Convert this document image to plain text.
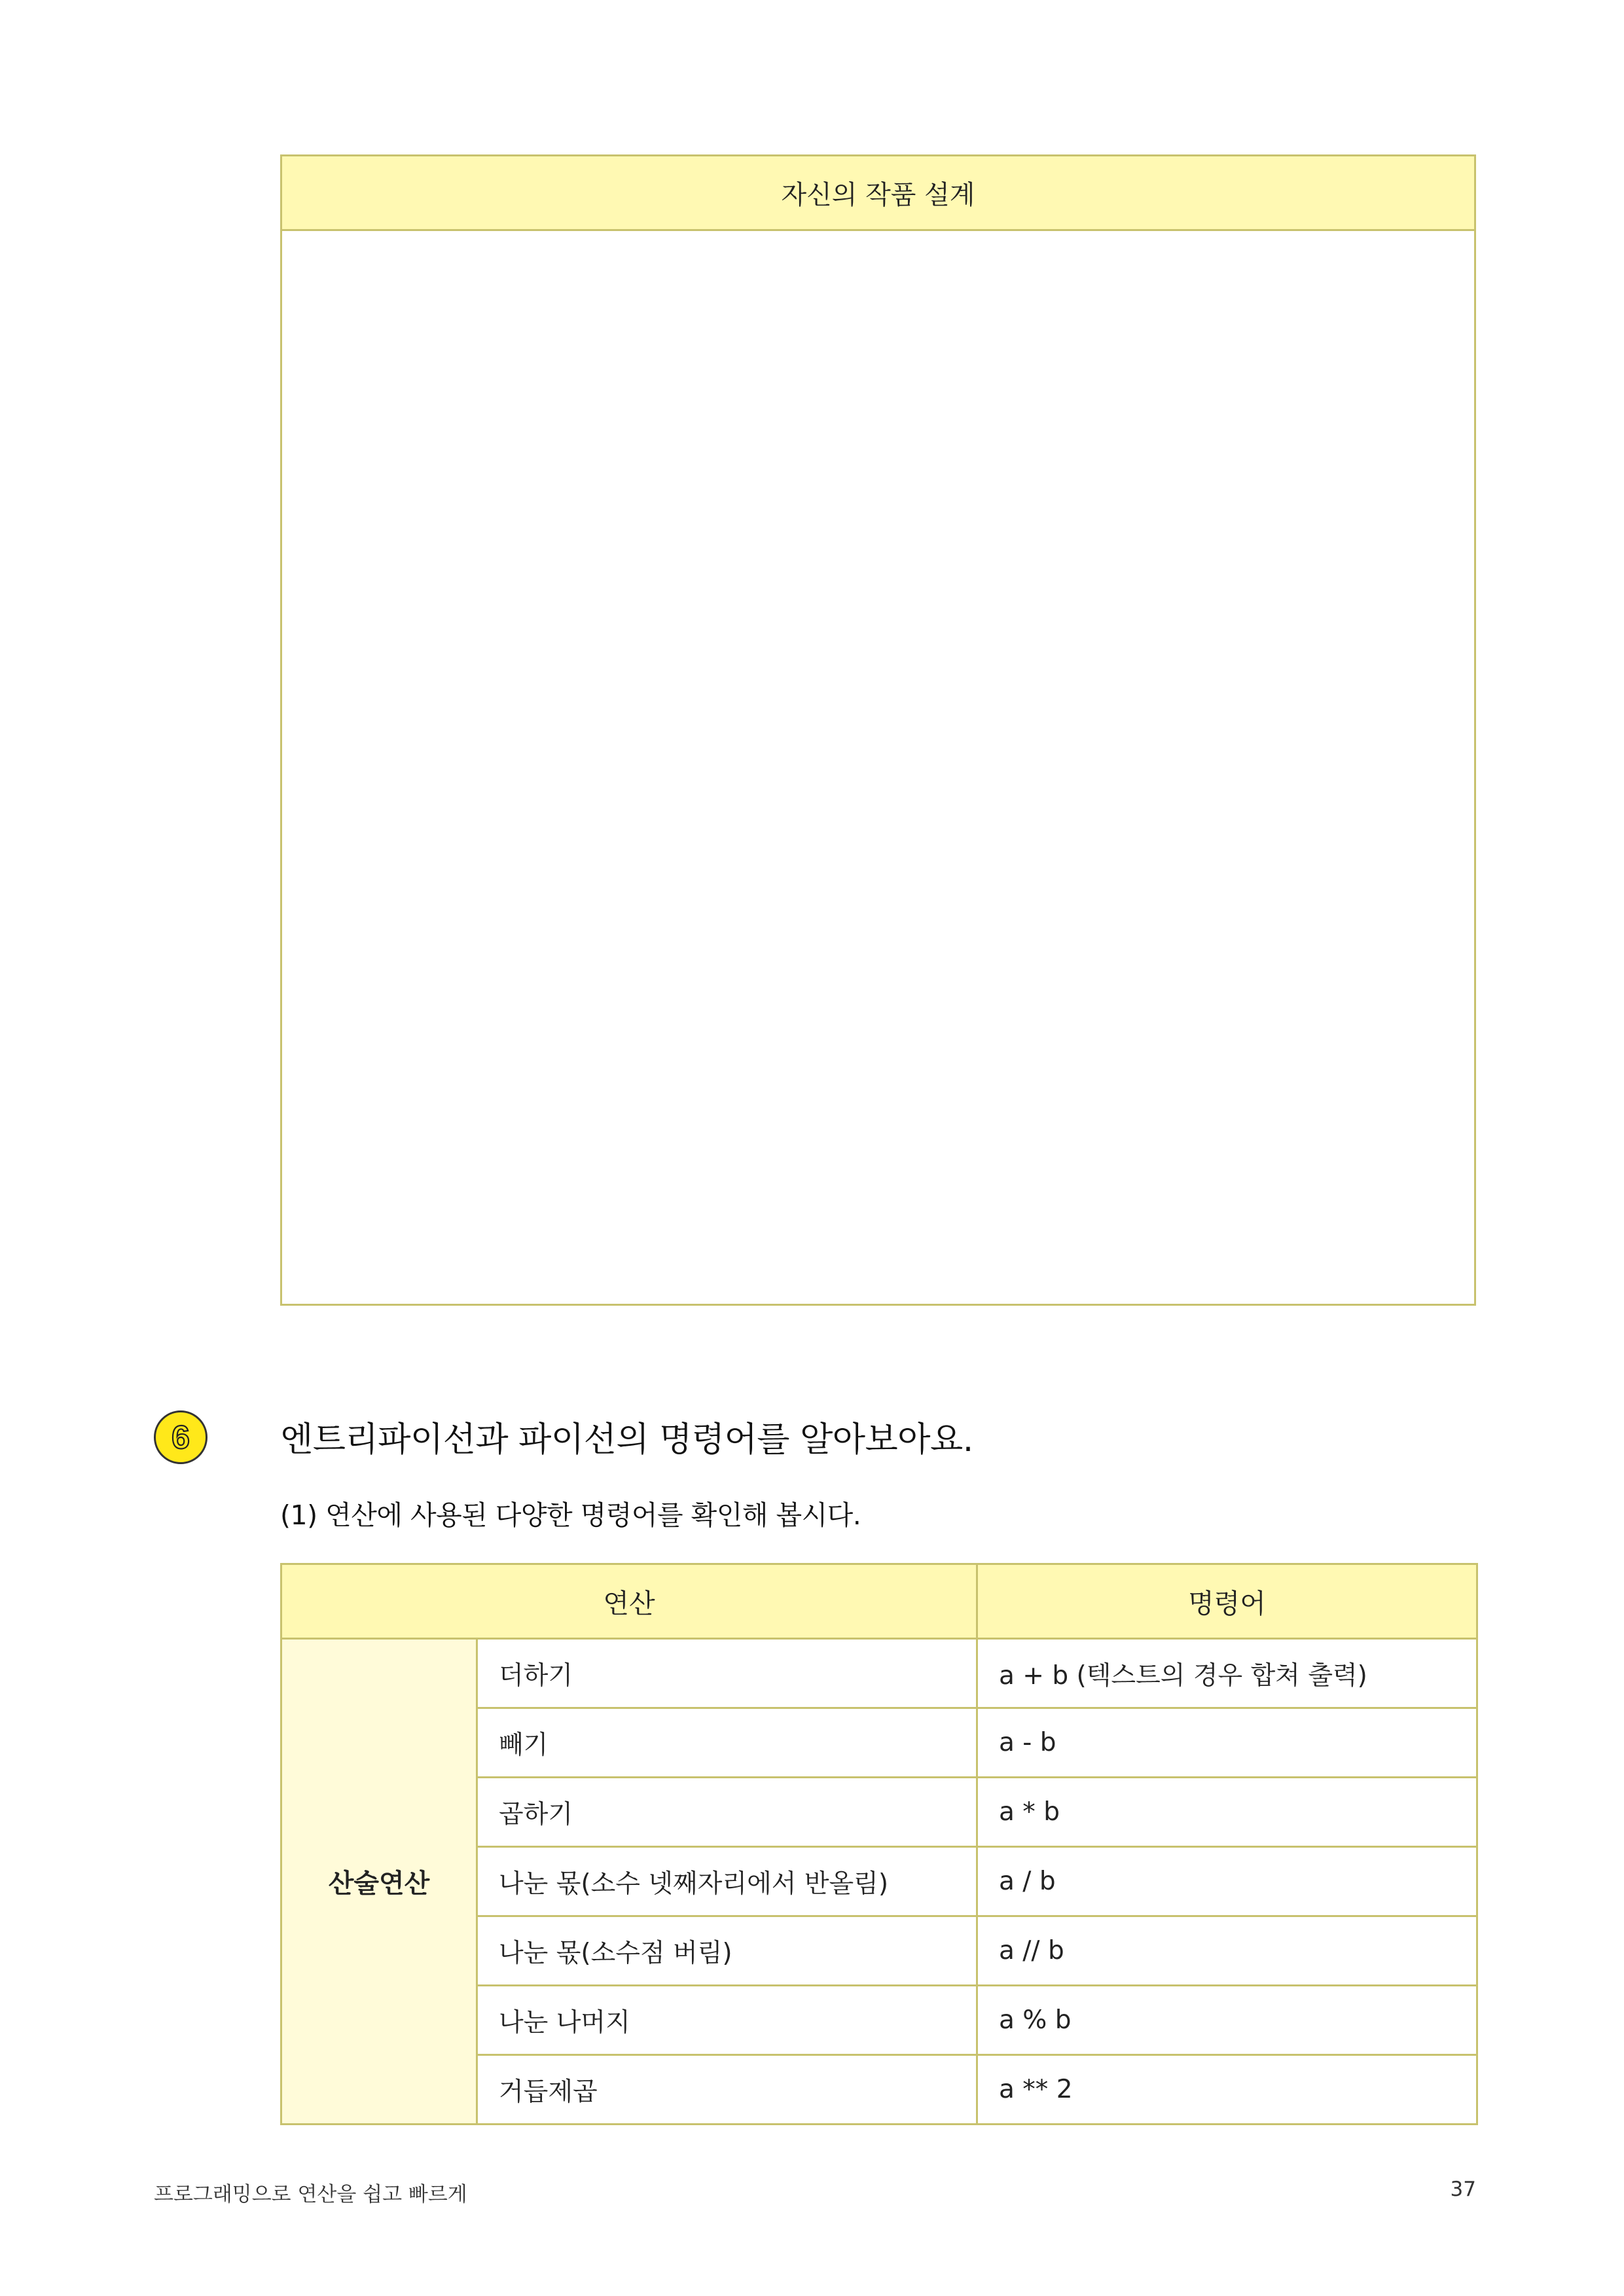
자신의 작품 설계
6	엔트리파이선과 파이선의 명령어를 알아보아요.
(1) 연산에 사용된 다양한 명령어를 확인해 봅시다.
연산		명령어
산술연산	더하기	a + b (텍스트의 경우 합쳐 출력)
	빼기	a - b
	곱하기	a * b
	나눈 몫(소수 넷째자리에서 반올림)	a / b
	나눈 몫(소수점 버림)	a // b
	나눈 나머지	a % b
	거듭제곱	a ** 2
프로그래밍으로 연산을 쉽고 빠르게	37
